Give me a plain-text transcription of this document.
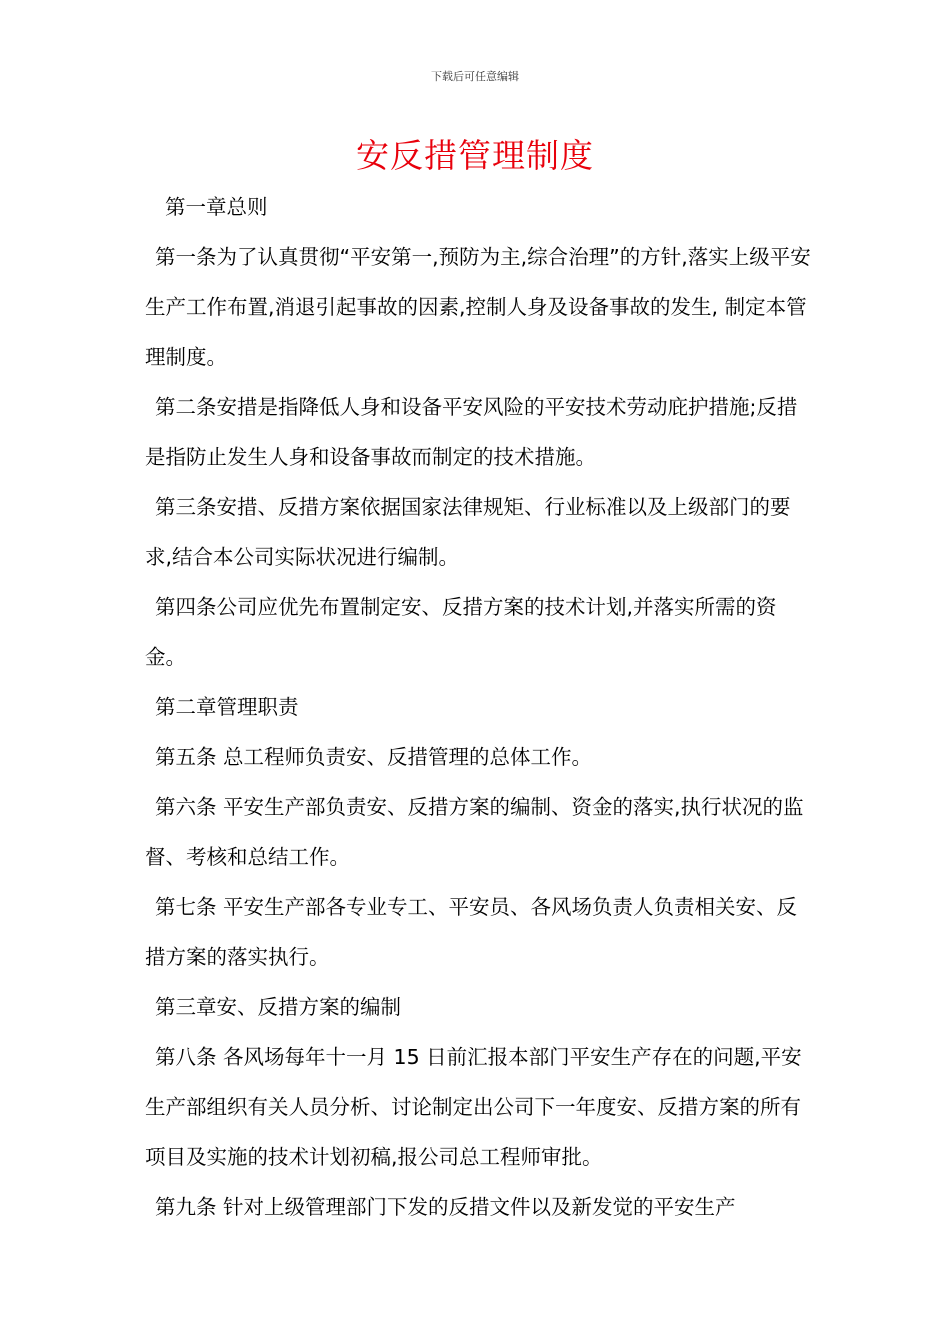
下载后可任意编辑
安反措管理制度

第一章总则

第一条为了认真贯彻“平安第一,预防为主,综合治理”的方针,落实上级平安生产工作布置,消退引起事故的因素,控制人身及设备事故的发生, 制定本管理制度。

第二条安措是指降低人身和设备平安风险的平安技术劳动庇护措施;反措是指防止发生人身和设备事故而制定的技术措施。

第三条安措、反措方案依据国家法律规矩、行业标准以及上级部门的要求,结合本公司实际状况进行编制。

第四条公司应优先布置制定安、反措方案的技术计划,并落实所需的资金。

第二章管理职责

第五条 总工程师负责安、反措管理的总体工作。

第六条 平安生产部负责安、反措方案的编制、资金的落实,执行状况的监督、考核和总结工作。

第七条 平安生产部各专业专工、平安员、各风场负责人负责相关安、反措方案的落实执行。

第三章安、反措方案的编制

第八条 各风场每年十一月 15 日前汇报本部门平安生产存在的问题,平安生产部组织有关人员分析、讨论制定出公司下一年度安、反措方案的所有项目及实施的技术计划初稿,报公司总工程师审批。

第九条 针对上级管理部门下发的反措文件以及新发觉的平安生产
